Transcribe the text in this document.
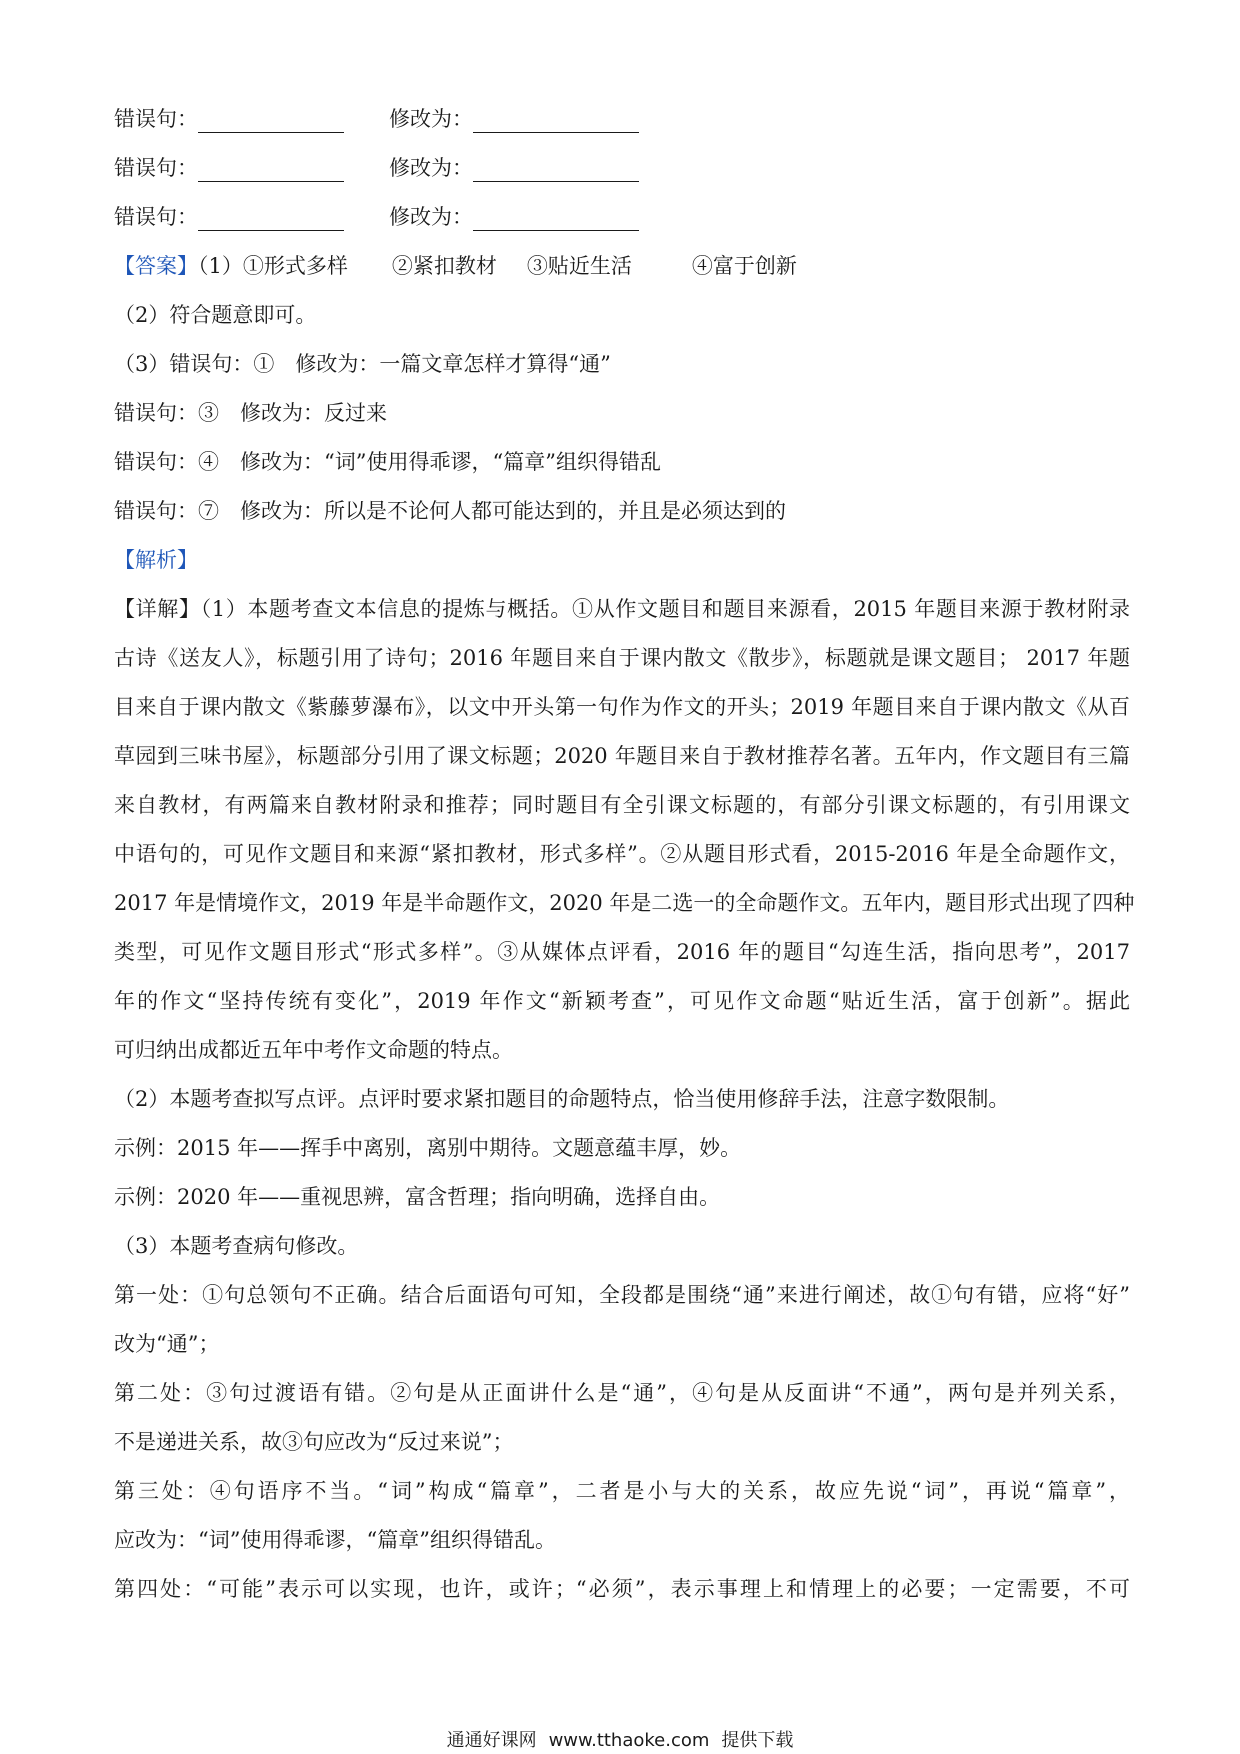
错误句：	修改为：
错误句：	修改为：
错误句：	修改为：
【答案】（1）①形式多样 ②紧扣教材 ③贴近生活	④富于创新
（2）符合题意即可。
（3）错误句：①　修改为：一篇文章怎样才算得“通”
错误句：③　修改为：反过来
错误句：④　修改为：“词”使用得乖谬，“篇章”组织得错乱
错误句：⑦　修改为：所以是不论何人都可能达到的，并且是必须达到的
【解析】
【详解】（1）本题考查文本信息的提炼与概括。①从作文题目和题目来源看，2015 年题目来源于教材附录
古诗《送友人》，标题引用了诗句；2016 年题目来自于课内散文《散步》，标题就是课文题目； 2017 年题
目来自于课内散文《紫藤萝瀑布》，以文中开头第一句作为作文的开头；2019 年题目来自于课内散文《从百
草园到三味书屋》，标题部分引用了课文标题；2020 年题目来自于教材推荐名著。五年内，作文题目有三篇
来自教材，有两篇来自教材附录和推荐；同时题目有全引课文标题的，有部分引课文标题的，有引用课文
中语句的，可见作文题目和来源“紧扣教材，形式多样”。②从题目形式看，2015-2016 年是全命题作文，
2017 年是情境作文，2019 年是半命题作文，2020 年是二选一的全命题作文。五年内，题目形式出现了四种
类型，可见作文题目形式“形式多样”。③从媒体点评看，2016 年的题目“勾连生活，指向思考”，2017
年的作文“坚持传统有变化”，2019 年作文“新颖考查”，可见作文命题“贴近生活，富于创新”。据此
可归纳出成都近五年中考作文命题的特点。
（2）本题考查拟写点评。点评时要求紧扣题目的命题特点，恰当使用修辞手法，注意字数限制。
示例：2015 年——挥手中离别，离别中期待。文题意蕴丰厚，妙。
示例：2020 年——重视思辨，富含哲理；指向明确，选择自由。
（3）本题考查病句修改。
第一处：①句总领句不正确。结合后面语句可知，全段都是围绕“通”来进行阐述，故①句有错，应将“好”
改为“通”；
第二处：③句过渡语有错。②句是从正面讲什么是“通”，④句是从反面讲“不通”，两句是并列关系，
不是递进关系，故③句应改为“反过来说”；
第三处：④句语序不当。“词”构成“篇章”，二者是小与大的关系，故应先说“词”，再说“篇章”，
应改为：“词”使用得乖谬，“篇章”组织得错乱。
第四处：“可能”表示可以实现，也许，或许；“必须”，表示事理上和情理上的必要；一定需要，不可
通通好课网 www.tthaoke.com 提供下载
